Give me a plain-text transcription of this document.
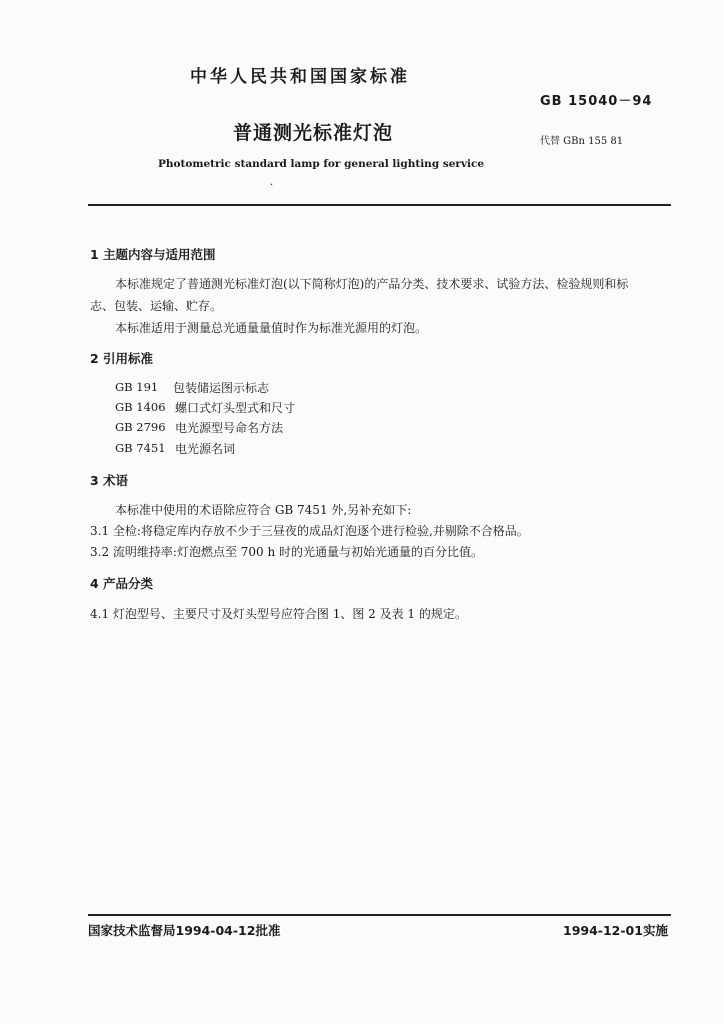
中华人民共和国国家标准
GB 15040－94
普通测光标准灯泡	代替 GBn 155 81
Photometric standard lamp for general lighting service
·
1 主题内容与适用范围
本标准规定了普通测光标准灯泡(以下简称灯泡)的产品分类、技术要求、试验方法、检验规则和标
志、包装、运输、贮存。
本标准适用于测量总光通量量值时作为标准光源用的灯泡。
2 引用标准
GB 191 包装储运图示标志
GB 1406 螺口式灯头型式和尺寸
GB 2796 电光源型号命名方法
GB 7451 电光源名词
3 术语
本标准中使用的术语除应符合 GB 7451 外,另补充如下:
3.1 全检:将稳定库内存放不少于三昼夜的成品灯泡逐个进行检验,并剔除不合格品。
3.2 流明维持率:灯泡燃点至 700 h 时的光通量与初始光通量的百分比值。
4 产品分类
4.1 灯泡型号、主要尺寸及灯头型号应符合图 1、图 2 及表 1 的规定。
国家技术监督局1994-04-12批准	1994-12-01实施
